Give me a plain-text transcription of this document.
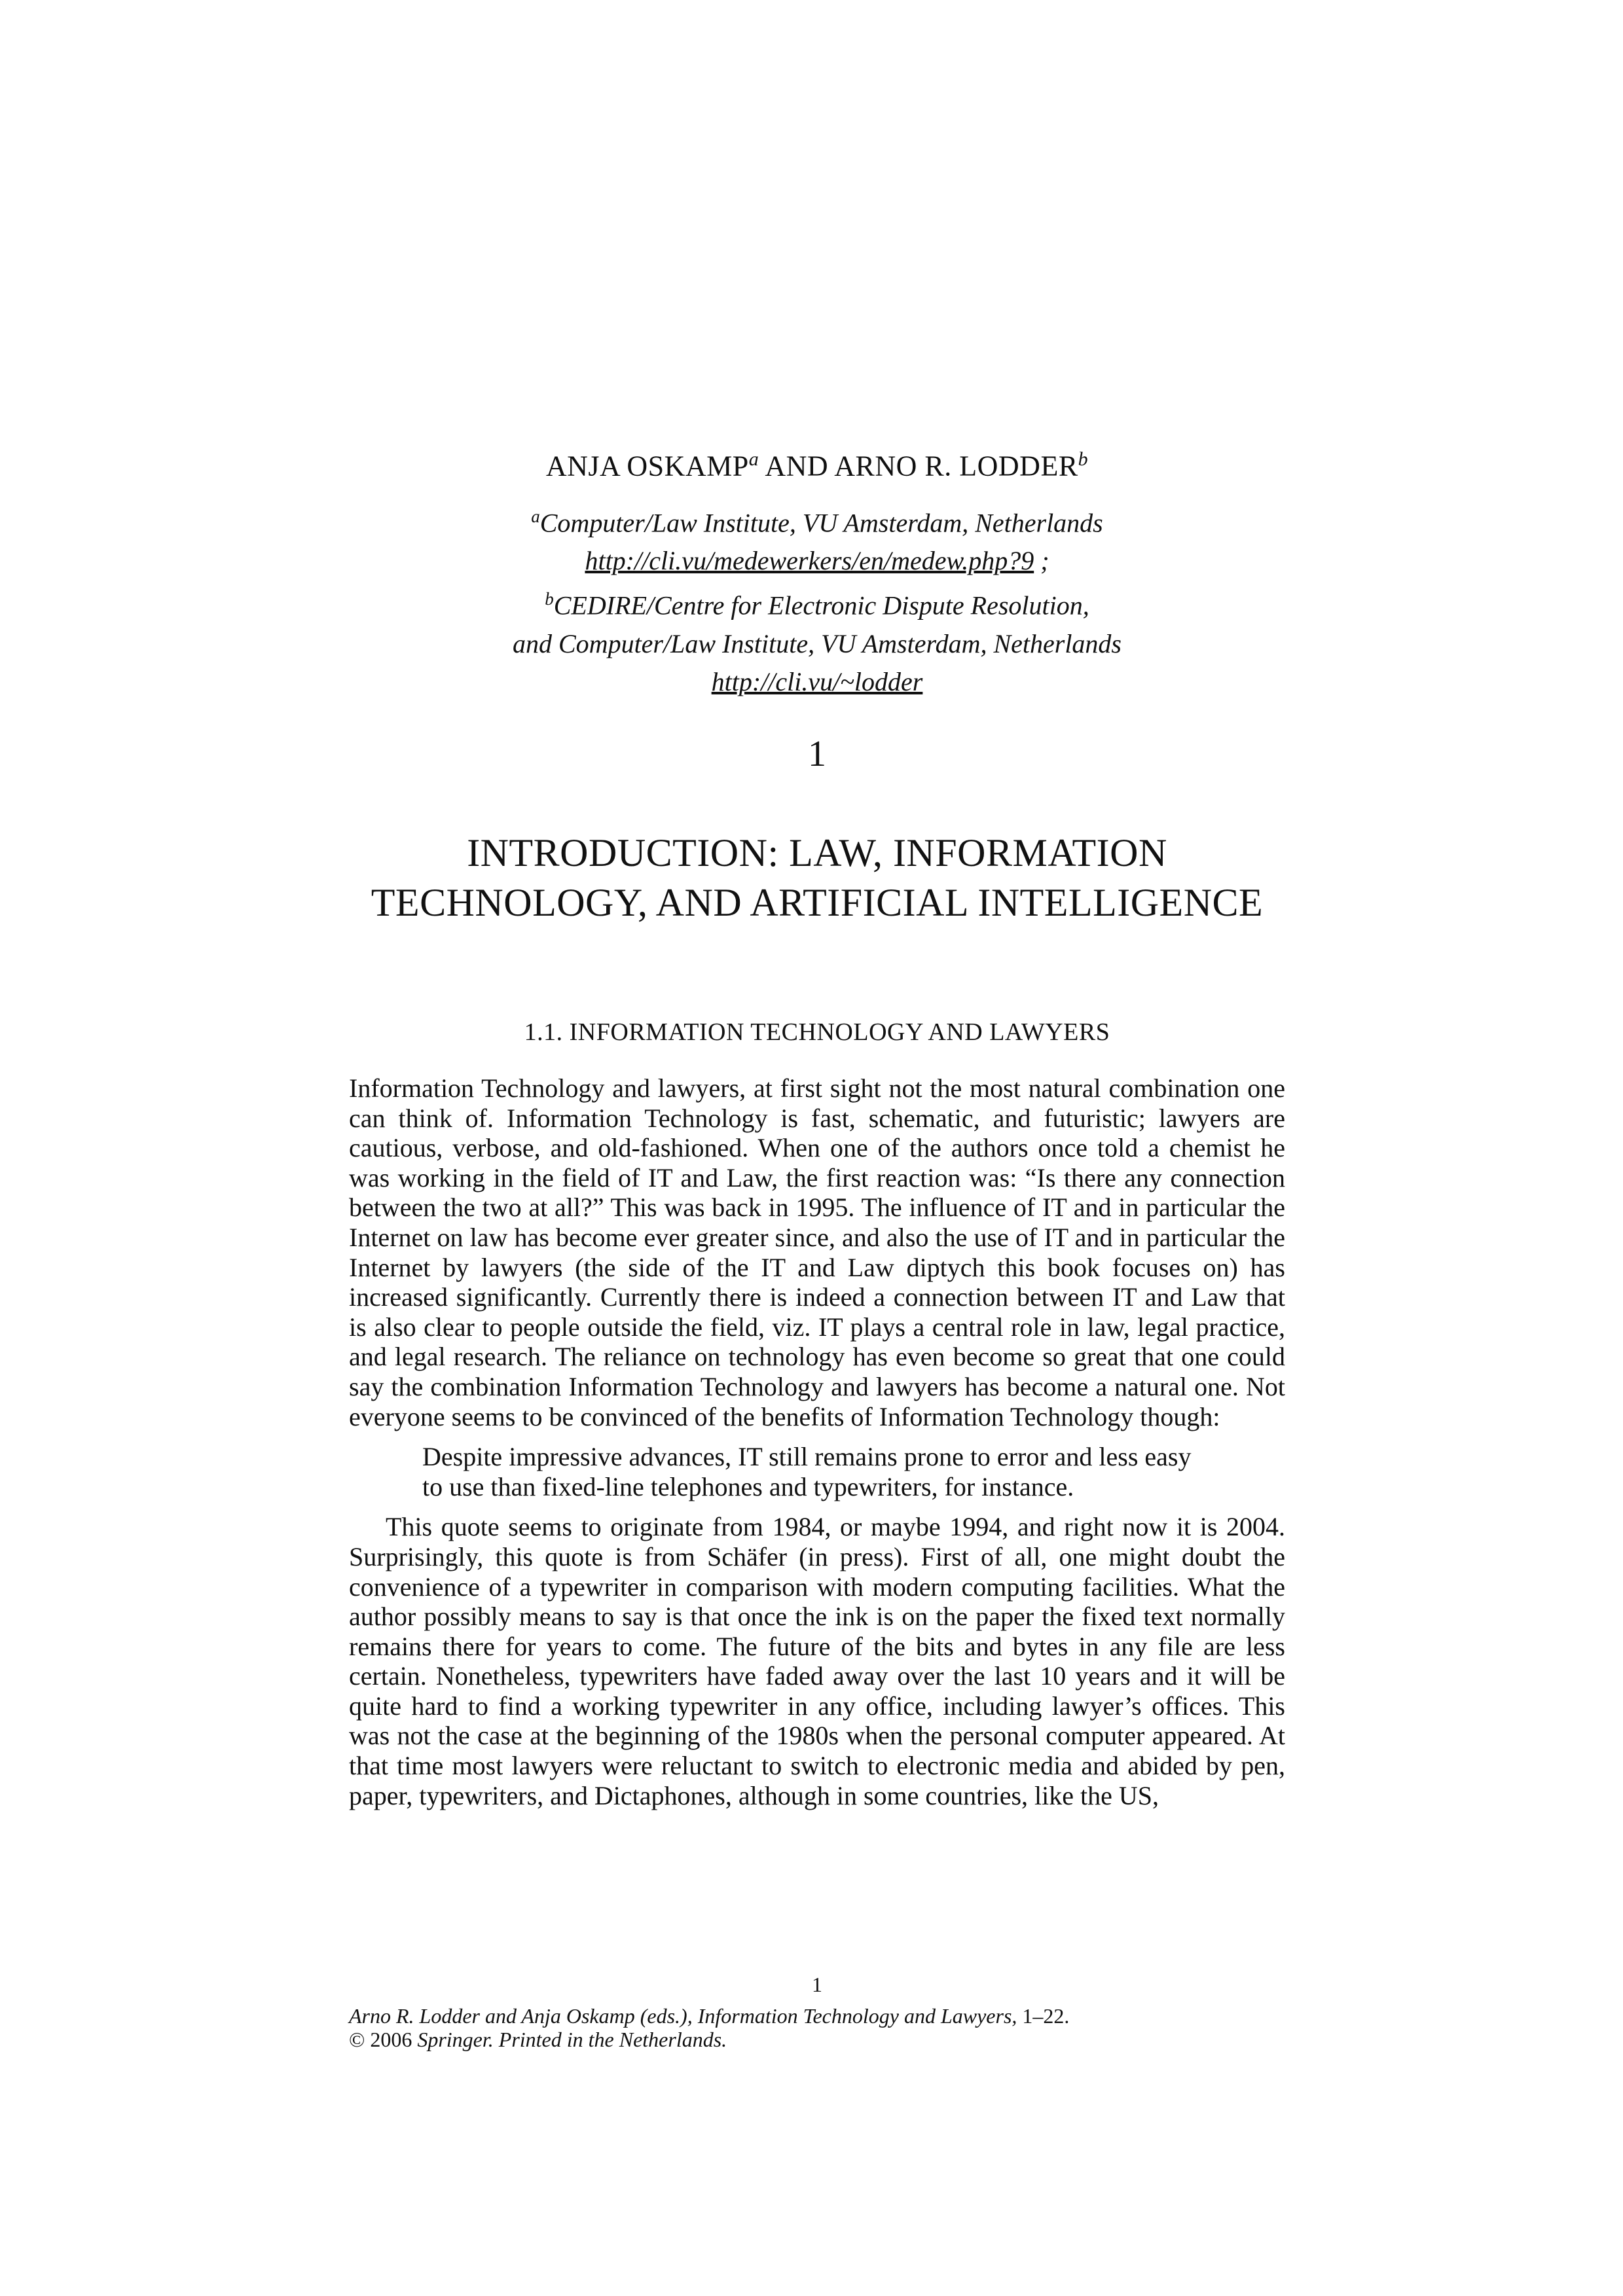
ANJA OSKAMP$^a$ AND ARNO R. LODDER$^b$
$^a$Computer/Law Institute, VU Amsterdam, Netherlands
http://cli.vu/medewerkers/en/medew.php?9 ;
$^b$CEDIRE/Centre for Electronic Dispute Resolution,
and Computer/Law Institute, VU Amsterdam, Netherlands
http://cli.vu/~lodder
1
INTRODUCTION: LAW, INFORMATION
TECHNOLOGY, AND ARTIFICIAL INTELLIGENCE
1.1. INFORMATION TECHNOLOGY AND LAWYERS

Information Technology and lawyers, at first sight not the most natural combination one can think of. Information Technology is fast, schematic, and futuristic; lawyers are cautious, verbose, and old-fashioned. When one of the authors once told a chemist he was working in the field of IT and Law, the first reaction was: “Is there any connection between the two at all?” This was back in 1995. The influence of IT and in particular the Internet on law has become ever greater since, and also the use of IT and in particular the Internet by lawyers (the side of the IT and Law diptych this book focuses on) has increased significantly. Currently there is indeed a connection between IT and Law that is also clear to people outside the field, viz. IT plays a central role in law, legal practice, and legal research. The reliance on technology has even become so great that one could say the combination Information Technology and lawyers has become a natural one. Not everyone seems to be convinced of the benefits of Information Technology though:

Despite impressive advances, IT still remains prone to error and less easy to use than fixed-line telephones and typewriters, for instance.

This quote seems to originate from 1984, or maybe 1994, and right now it is 2004. Surprisingly, this quote is from Schäfer (in press). First of all, one might doubt the convenience of a typewriter in comparison with modern computing facilities. What the author possibly means to say is that once the ink is on the paper the fixed text normally remains there for years to come. The future of the bits and bytes in any file are less certain. Nonetheless, typewriters have faded away over the last 10 years and it will be quite hard to find a working typewriter in any office, including lawyer’s offices. This was not the case at the beginning of the 1980s when the personal computer appeared. At that time most lawyers were reluctant to switch to electronic media and abided by pen, paper, typewriters, and Dictaphones, although in some countries, like the US,

1
Arno R. Lodder and Anja Oskamp (eds.), Information Technology and Lawyers, 1–22.
© 2006 Springer. Printed in the Netherlands.
